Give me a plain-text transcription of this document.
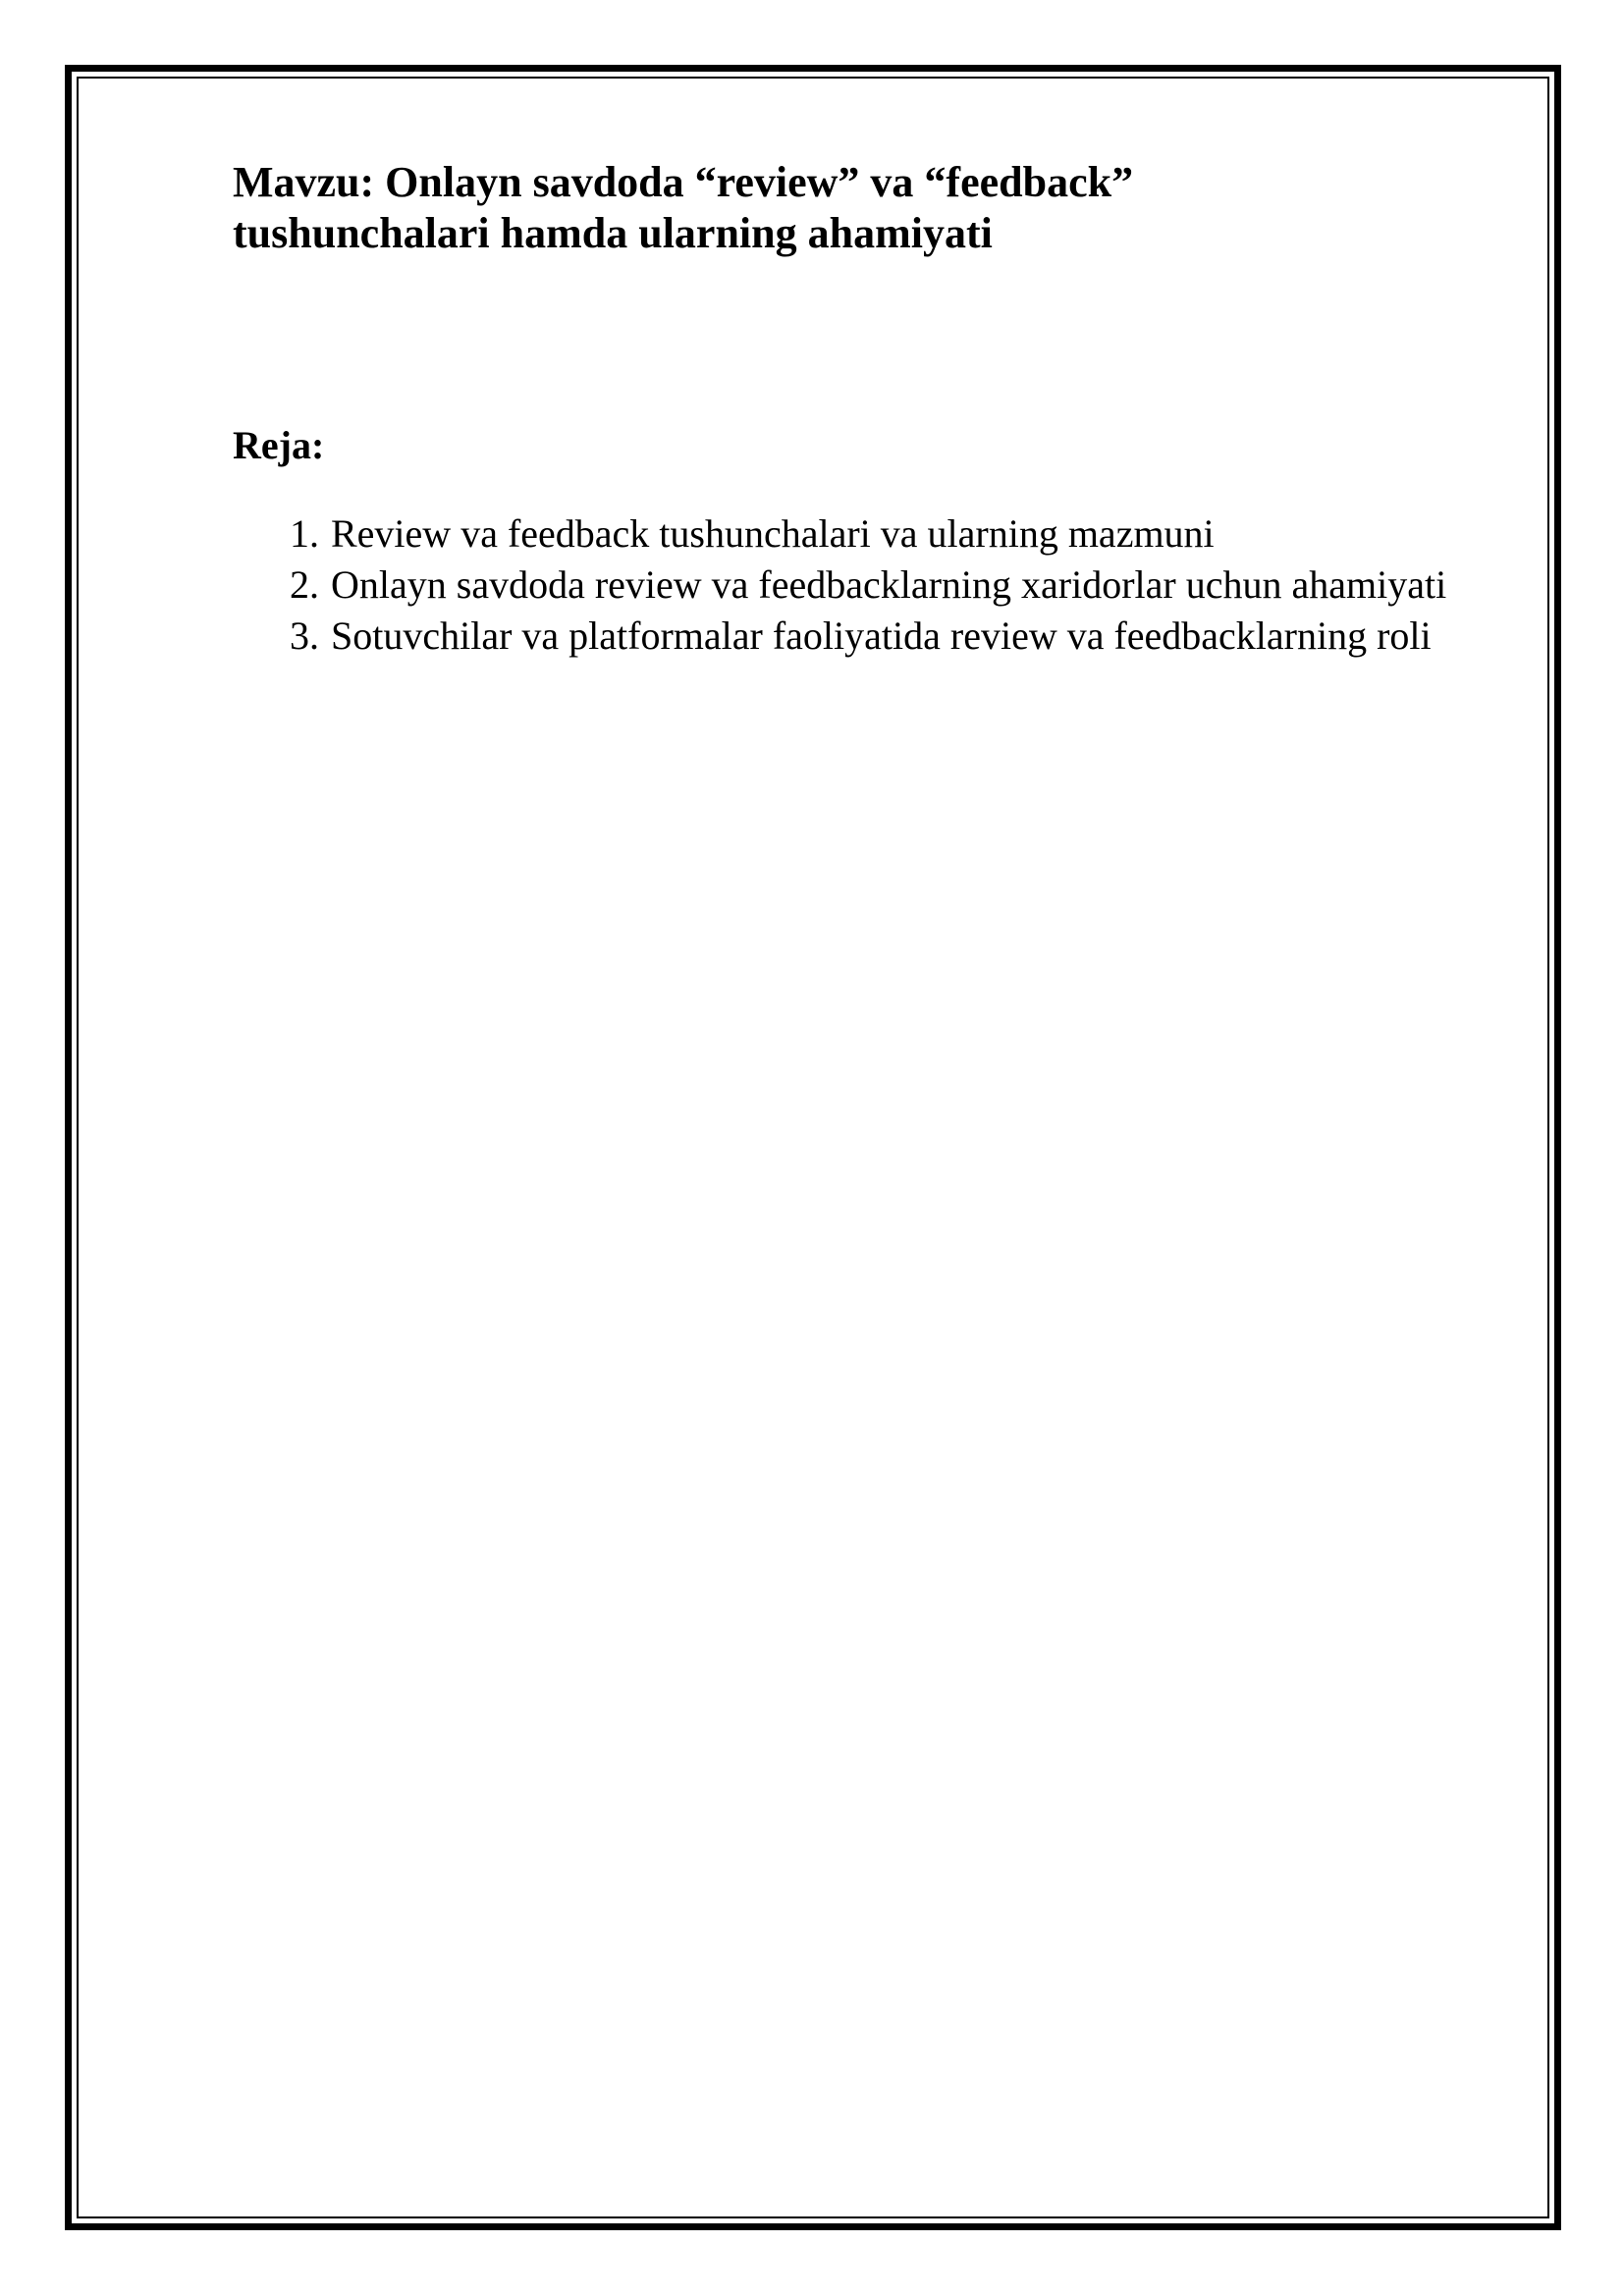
Mavzu: Onlayn savdoda “review” va “feedback” tushunchalari hamda ularning ahamiyati
Reja:
1. Review va feedback tushunchalari va ularning mazmuni
2. Onlayn savdoda review va feedbacklarning xaridorlar uchun ahamiyati
3. Sotuvchilar va platformalar faoliyatida review va feedbacklarning roli
